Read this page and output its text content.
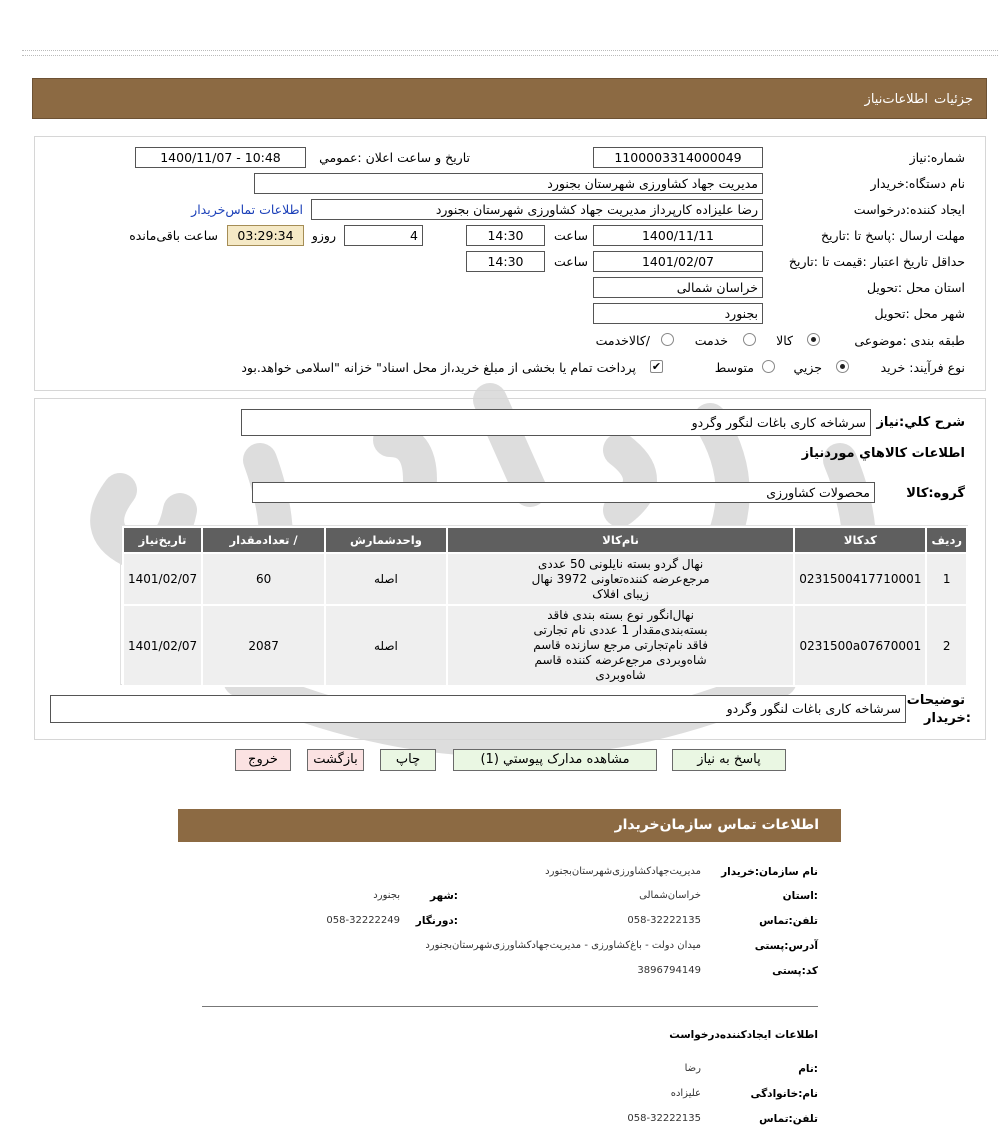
جزئیات
اطلاعات‌نیاز
شماره:نیاز
1100003314000049
تاریخ و ساعت اعلان :عمومي
1400/11/07 - 10:48
نام دستگاه:خریدار
مدیریت جهاد کشاورزی شهرستان بجنورد
ایجاد کننده:درخواست
رضا علیزاده کارپرداز مدیریت جهاد کشاورزی شهرستان بجنورد
اطلاعات تماس‌خریدار
مهلت ارسال :پاسخ تا :تاریخ
1400/11/11
ساعت
14:30
4
روزو
03:29:34
ساعت باقی‌مانده
حداقل تاریخ اعتبار :قیمت تا :تاریخ
1401/02/07
ساعت
14:30
استان محل :تحویل
خراسان شمالی
شهر محل :تحویل
بجنورد
طبقه بندی :موضوعی
کالا
خدمت
/کالاخدمت
نوع فرآیند: خرید
جزیي
متوسط
✔
پرداخت تمام یا بخشی از مبلغ خرید،از محل اسناد" خزانه "اسلامی خواهد.بود
شرح کلي:نیاز
سرشاخه کاری باغات لنگور وگردو
اطلاعات کالاهاي موردنیاز
گروه:کالا
محصولات کشاورزی
ردیف	کدکالا	نام‌کالا	واحدشمارش	/ تعدادمقدار	تاریخ‌نیاز
1	0231500417710001	نهال گردو بسته نایلونی 50 عددی مرجع‌عرضه کننده‌تعاونی 3972 نهال زیبای افلاک	اصله	60	1401/02/07
2	0231500a07670001	نهال‌انگور نوع بسته بندی فاقد بسته‌بندی‌مقدار 1 عددی نام تجارتی فاقد نام‌تجارتی مرجع سازنده قاسم شاه‌وبردی مرجع‌عرضه کننده قاسم شاه‌وبردی	اصله	2087	1401/02/07
توضیحات
:خریدار
سرشاخه کاری باغات لنگور وگردو
پاسخ به نیاز
مشاهده مدارک پیوستي (1)
چاپ
بازگشت
خروج
اطلاعات تماس سازمان‌خریدار
نام سازمان:خریدار
مدیریت‌جهادکشاورزی‌شهرستان‌بجنورد
:استان
خراسان‌شمالی
:شهر
بجنورد
تلفن:تماس
058-32222135
:دورنگار
058-32222249
آدرس:پستی
میدان دولت - باغ‌کشاورزی - مدیریت‌جهادکشاورزی‌شهرستان‌بجنورد
کد:پستی
3896794149
اطلاعات ایجادکننده‌درخواست
:نام
رضا
نام:خانوادگی
علیزاده
تلفن:تماس
058-32222135
